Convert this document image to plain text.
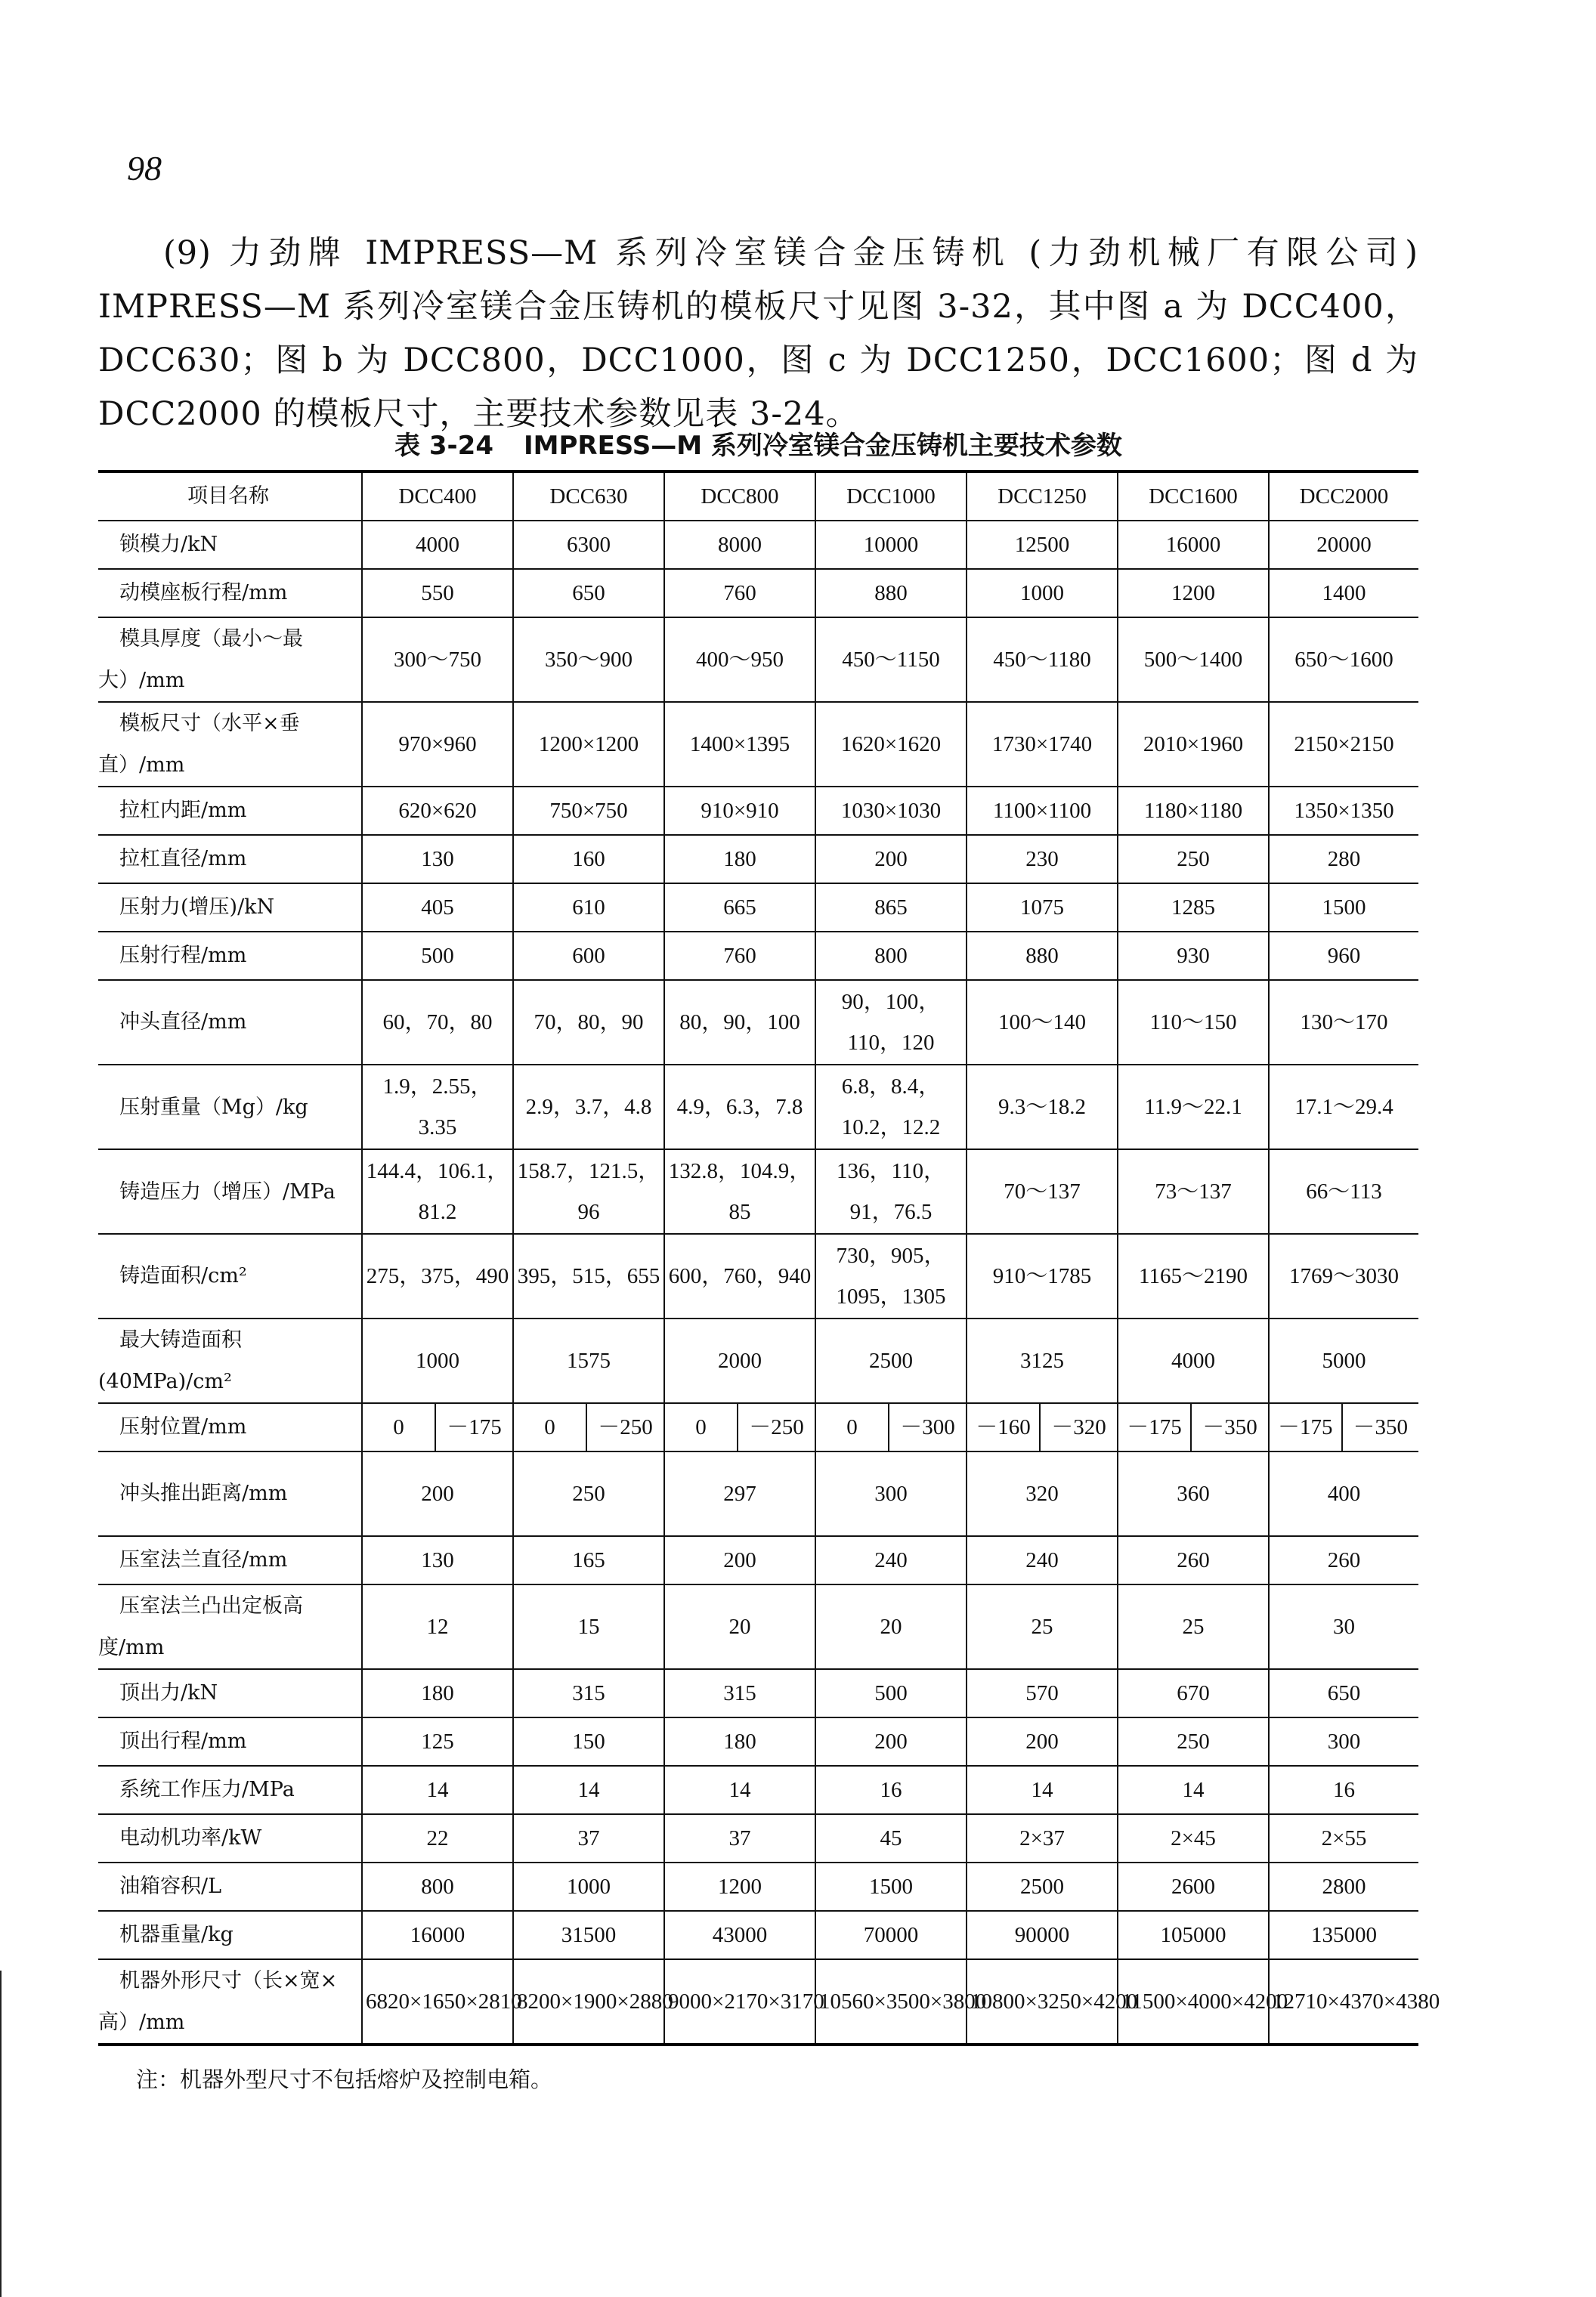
98
(9) 力劲牌 IMPRESS—M 系列冷室镁合金压铸机 (力劲机械厂有限公司) IMPRESS—M 系列冷室镁合金压铸机的模板尺寸见图 3-32，其中图 a 为 DCC400，DCC630；图 b 为 DCC800，DCC1000，图 c 为 DCC1250，DCC1600；图 d 为 DCC2000 的模板尺寸，主要技术参数见表 3-24。
表 3-24 IMPRESS—M 系列冷室镁合金压铸机主要技术参数
项目名称	DCC400	DCC630	DCC800	DCC1000	DCC1250	DCC1600	DCC2000
锁模力/kN	4000	6300	8000	10000	12500	16000	20000
动模座板行程/mm	550	650	760	880	1000	1200	1400
模具厚度（最小～最大）/mm	300～750	350～900	400～950	450～1150	450～1180	500～1400	650～1600
模板尺寸（水平×垂直）/mm	970×960	1200×1200	1400×1395	1620×1620	1730×1740	2010×1960	2150×2150
拉杠内距/mm	620×620	750×750	910×910	1030×1030	1100×1100	1180×1180	1350×1350
拉杠直径/mm	130	160	180	200	230	250	280
压射力(增压)/kN	405	610	665	865	1075	1285	1500
压射行程/mm	500	600	760	800	880	930	960
冲头直径/mm	60，70，80	70，80，90	80，90，100	90，100，110，120	100～140	110～150	130～170
压射重量（Mg）/kg	1.9，2.55，3.35	2.9，3.7，4.8	4.9，6.3，7.8	6.8，8.4，10.2，12.2	9.3～18.2	11.9～22.1	17.1～29.4
铸造压力（增压）/MPa	144.4，106.1，81.2	158.7，121.5，96	132.8，104.9，85	136，110，91，76.5	70～137	73～137	66～113
铸造面积/cm²	275，375，490	395，515，655	600，760，940	730，905，1095，1305	910～1785	1165～2190	1769～3030
最大铸造面积(40MPa)/cm²	1000	1575	2000	2500	3125	4000	5000
压射位置/mm	0 －175	0 －250	0 －250	0 －300	－160 －320	－175 －350	－175 －350

冲头推出距离/mm	200	250	297	300	320	360	400
压室法兰直径/mm	130	165	200	240	240	260	260
压室法兰凸出定板高度/mm	12	15	20	20	25	25	30
顶出力/kN	180	315	315	500	570	670	650
顶出行程/mm	125	150	180	200	200	250	300
系统工作压力/MPa	14	14	14	16	14	14	16
电动机功率/kW	22	37	37	45	2×37	2×45	2×55
油箱容积/L	800	1000	1200	1500	2500	2600	2800
机器重量/kg	16000	31500	43000	70000	90000	105000	135000
机器外形尺寸（长×宽×高）/mm	6820×1650×2810	8200×1900×2880	9000×2170×3170	10560×3500×3800	10800×3250×4200	11500×4000×4200	12710×4370×4380
注：机器外型尺寸不包括熔炉及控制电箱。
